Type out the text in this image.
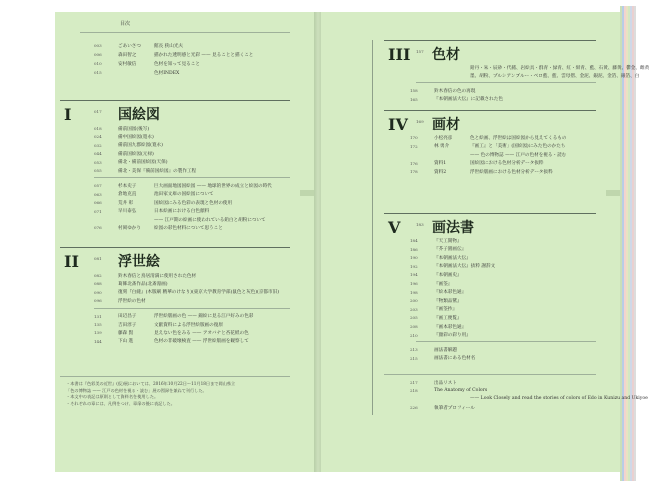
目次
003	ごあいさつ	館長 狭山光夫
006	森田智之	描かれた透明感と光彩 —— 見ることと描くこと
010	安村敏信	色材を知って見ること
015	色材INDEX
I	017 国絵図
018	備前国図(後写)
024	備中国絵図(寛永)
032	備前国九郡絵図(寛永)
044	備前国絵図(元禄)
053	備北・備前国絵図(天保)
055	備北・美保『備前国絵図』の製作工程
057	杉本史子	巨大画面地図国絵図 —— 地球的世界の成立と絵図の時代
063	倉地克直	池田家文庫の国絵図について
066	荒井 彰	国絵図にみる色彩の表現と色材の使用
071	早川泰弘	日本絵画における白色顔料
—— 江戸期の絵画に使われている鉛白と胡粉について
076	村岡ゆかり	絵図の彩色材料について思うこと
II	081 浮世絵
082	鈴木春信と鳥居清満に使用された色材
088	葛飾北斎作品(北斎漫画)
090	復刻『白縫』(木版刷 精華のけなり)(東京大学教育学部)鼠色と灰色)(京都市旧)
096	浮世絵の色材
131	田辺昌子	浮世絵版画の色 —— 錦絵に見る江戸好みの色彩
135	吉田淳子	文献資料による浮世絵版画の復原
139	藤森 賢	見えない色をみる —— アオバナと杏花紙の色
144	下山 進	色材の非破壊検査 —— 浮世絵版画を観察して
・本書は『色彩美の近世』(仮)展においては、2016年10月22日〜11月18日まで岡山県立
「色の博物誌 —— 江戸の色材を視る・読む」展の図録を兼ねて刊行した。
・本文中の表記は原則として資料名を使用した。
・それぞれの章には、凡例をつけ、章扉の後に表記した。
III 157 色材
鉛丹・朱・辰砂・代赭、岩絵具・群青・緑青、紅・紺青、藍、石黄、藤黄、鬱金、雌黄
墨、胡粉、プルシアンブルー・ベロ藍、藍、雲母摺、金泥、銀泥、金箔、銀箔、白
158	鈴木春信の色の再現
165	『本朝画法大伝』に記載された色
IV 169 画材
170	小松亮彦	色と絵画、浮世絵は国絵図から見えてくるもの
172	林 勇介	『画工』と「美術」(国絵図)にみた色のかたち
—— 色の博物誌 —— 江戸の色材を視る・読む
176	資料1	国絵図における色材分析データ抜粋
178	資料2	浮世絵版画における色材分析データ抜粋
V	183 画法書
184	『天工開物』
186	『芥子園画伝』
190	『本朝画法大伝』
192	『本朝画法大伝』抜粋 謝辞文
194	『本朝画史』
196	『画筌』
198	『絵本彩色通』
200	『物類品騭』
203	『画筌抄』
205	『画工便覧』
208	『画本彩色通』
210	『顔彩の彩り用』
213	画法書解題
215	画法書にある色材名
217	出品リスト
218	The Anatomy of Colors
—— Look Closely and read the stories of colors of Edo in Kunizu and Ukiyoe
226	執筆者プロフィール
